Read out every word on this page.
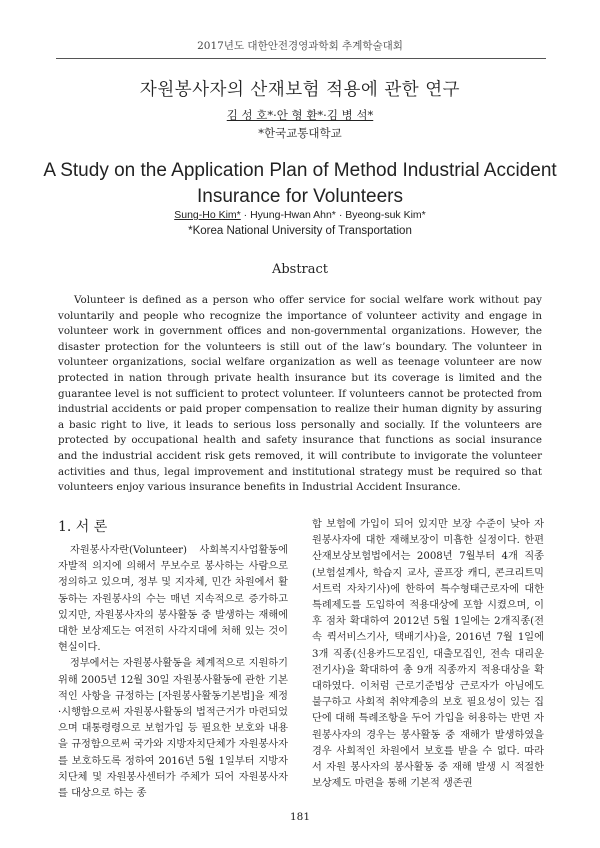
2017년도 대한안전경영과학회 추계학술대회
자원봉사자의 산재보험 적용에 관한 연구
김 성 호*·안 형 환*·김 병 석*
*한국교통대학교
A Study on the Application Plan of Method Industrial Accident
Insurance for Volunteers
Sung-Ho Kim* · Hyung-Hwan Ahn* · Byeong-suk Kim*
*Korea National University of Transportation
Abstract
Volunteer is defined as a person who offer service for social welfare work without pay voluntarily and people who recognize the importance of volunteer activity and engage in volunteer work in government offices and non-governmental organizations. However, the disaster protection for the volunteers is still out of the law’s boundary. The volunteer in volunteer organizations, social welfare organization as well as teenage volunteer are now protected in nation through private health insurance but its coverage is limited and the guarantee level is not sufficient to protect volunteer. If volunteers cannot be protected from industrial accidents or paid proper compensation to realize their human dignity by assuring a basic right to live, it leads to serious loss personally and socially. If the volunteers are protected by occupational health and safety insurance that functions as social insurance and the industrial accident risk gets removed, it will contribute to invigorate the volunteer activities and thus, legal improvement and institutional strategy must be required so that volunteers enjoy various insurance benefits in Industrial Accident Insurance.
1. 서 론

자원봉사자란(Volunteer) 사회복지사업활동에 자발적 의지에 의해서 무보수로 봉사하는 사람으로 정의하고 있으며, 정부 및 지자체, 민간 차원에서 활동하는 자원봉사의 수는 매년 지속적으로 증가하고 있지만, 자원봉사자의 봉사활동 중 발생하는 재해에 대한 보상제도는 여전히 사각지대에 처해 있는 것이 현실이다.

정부에서는 자원봉사활동을 체계적으로 지원하기 위해 2005년 12월 30일 자원봉사활동에 관한 기본적인 사항을 규정하는 [자원봉사활동기본법]을 제정·시행함으로써 자원봉사활동의 법적근거가 마련되었으며 대통령령으로 보험가입 등 필요한 보호와 내용을 규정함으로써 국가와 지방자치단체가 자원봉사자를 보호하도록 정하여 2016년 5월 1일부터 지방자치단체 및 자원봉사센터가 주체가 되어 자원봉사자를 대상으로 하는 종

합 보험에 가입이 되어 있지만 보장 수준이 낮아 자원봉사자에 대한 재해보장이 미흡한 실정이다. 한편 산재보상보험법에서는 2008년 7월부터 4개 직종(보험설계사, 학습지 교사, 골프장 캐디, 콘크리트믹서트럭 자차기사)에 한하여 특수형태근로자에 대한 특례제도를 도입하여 적용대상에 포함 시켰으며, 이후 점차 확대하여 2012년 5월 1일에는 2개직종(전속 퀵서비스기사, 택배기사)을, 2016년 7월 1일에 3개 직종(신용카드모집인, 대출모집인, 전속 대리운전기사)을 확대하여 총 9개 직종까지 적용대상을 확대하였다. 이처럼 근로기준법상 근로자가 아님에도 불구하고 사회적 취약계층의 보호 필요성이 있는 집단에 대해 특례조항을 두어 가입을 허용하는 반면 자원봉사자의 경우는 봉사활동 중 재해가 발생하였을 경우 사회적인 차원에서 보호를 받을 수 없다. 따라서 자원 봉사자의 봉사활동 중 재해 발생 시 적절한 보상제도 마련을 통해 기본적 생존권

181
